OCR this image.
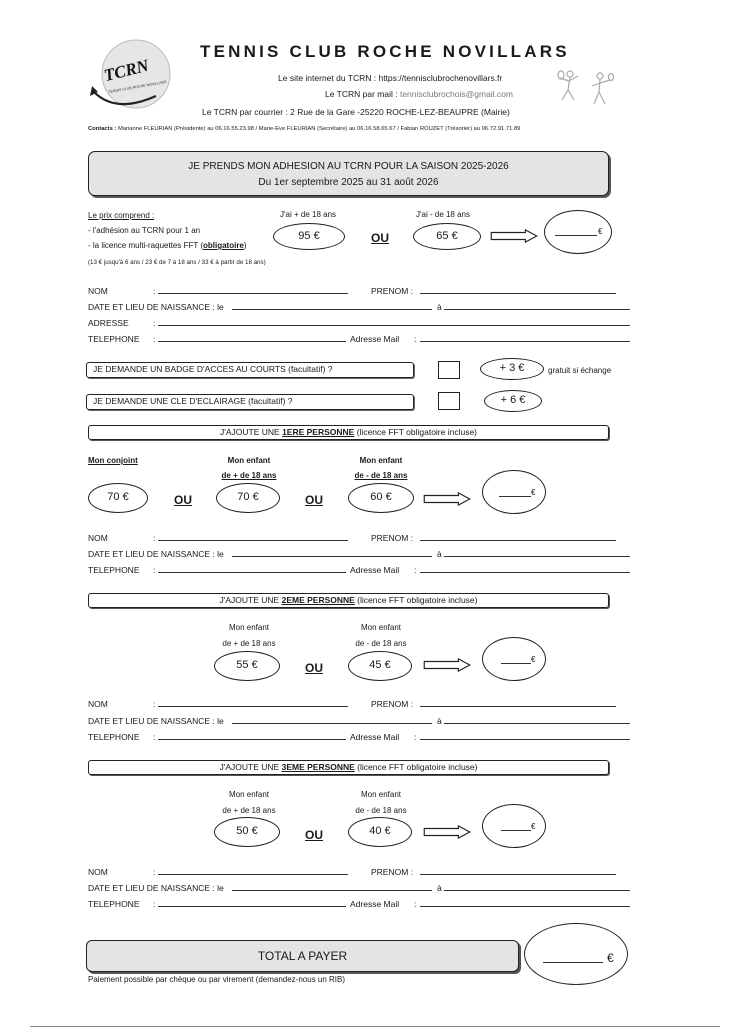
TCRN
TENNIS CLUB ROCHE NOVILLARS
TENNIS CLUB ROCHE NOVILLARS
Le site internet du TCRN : https://tennisclubrochenovillars.fr
Le TCRN par mail : tennisclubrochois@gmail.com
Le TCRN par courrier : 2 Rue de la Gare -25220 ROCHE-LEZ-BEAUPRE (Mairie)
Contacts : Marianne FLEURIAN (Présidente) au 06.16.55.23.98 / Marie-Eve FLEURIAN (Secrétaire) au 06.16.58.65.67 / Fabian ROUZET (Trésorier) au 06.72.91.71.89
JE PRENDS MON ADHESION AU TCRN POUR LA SAISON 2025-2026
Du 1er septembre 2025 au 31 août 2026
Le prix comprend :
- l'adhésion au TCRN pour 1 an
- la licence multi-raquettes FFT (obligatoire)
(13 € jusqu'à 6 ans / 23 € de 7 à 18 ans / 33 € à partir de 18 ans)
J'ai + de 18 ans
95 €	OU
J'ai - de 18 ans
65 €	€
NOM	:	PRENOM :
DATE ET LIEU DE NAISSANCE : le	à
ADRESSE	:
TELEPHONE :	Adresse Mail :
JE DEMANDE UN BADGE D'ACCES AU COURTS (facultatif) ?	+ 3 €	gratuit si échange
JE DEMANDE UNE CLE D'ECLAIRAGE (facultatif) ?	+ 6 €
J'AJOUTE UNE 1ERE PERSONNE (licence FFT obligatoire incluse)
Mon conjoint
70 €	OU
Mon enfant
de + de 18 ans
70 €	OU
Mon enfant
de - de 18 ans
60 €	€
NOM	:	PRENOM :
DATE ET LIEU DE NAISSANCE : le	à
TELEPHONE :	Adresse Mail :
J'AJOUTE UNE 2EME PERSONNE (licence FFT obligatoire incluse)
Mon enfant
de + de 18 ans
55 €	OU
Mon enfant
de - de 18 ans
45 €	€
NOM	:	PRENOM :
DATE ET LIEU DE NAISSANCE : le	à
TELEPHONE :	Adresse Mail :
J'AJOUTE UNE 3EME PERSONNE (licence FFT obligatoire incluse)
Mon enfant
de + de 18 ans
50 €	OU
Mon enfant
de - de 18 ans
40 €	€
NOM	:	PRENOM :
DATE ET LIEU DE NAISSANCE : le	à
TELEPHONE :	Adresse Mail :
TOTAL A PAYER	€
Paiement possible par chèque ou par virement (demandez-nous un RIB)
